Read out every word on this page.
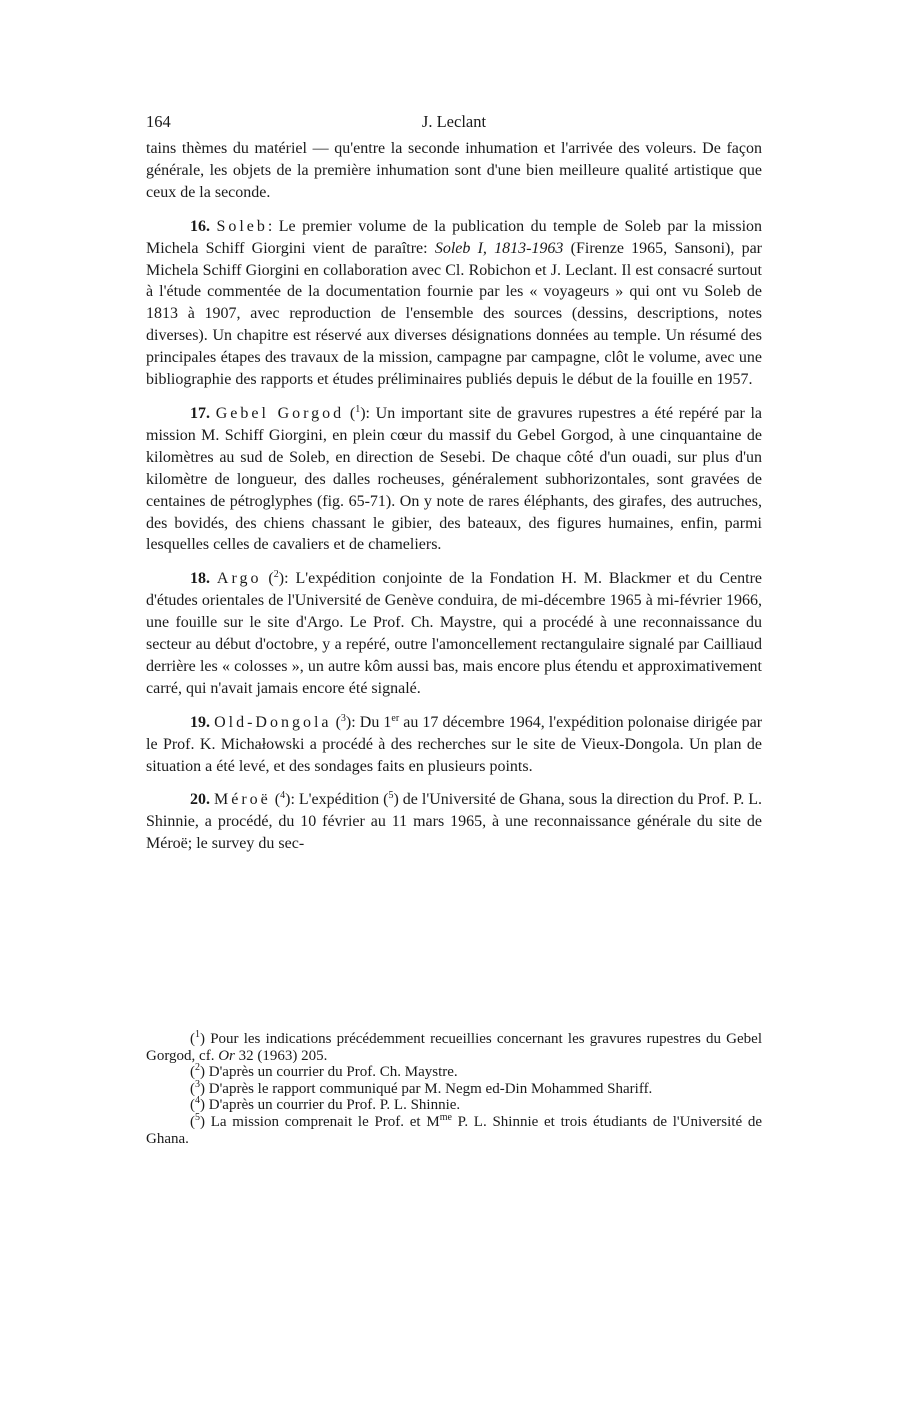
164	J. Leclant

tains thèmes du matériel — qu'entre la seconde inhumation et l'arrivée des voleurs. De façon générale, les objets de la première inhumation sont d'une bien meilleure qualité artistique que ceux de la seconde.

16. Soleb: Le premier volume de la publication du temple de Soleb par la mission Michela Schiff Giorgini vient de paraître: Soleb I, 1813-1963 (Firenze 1965, Sansoni), par Michela Schiff Giorgini en collaboration avec Cl. Robichon et J. Leclant. Il est consacré surtout à l'étude commentée de la documentation fournie par les « voyageurs » qui ont vu Soleb de 1813 à 1907, avec reproduction de l'ensemble des sources (dessins, descriptions, notes diverses). Un chapitre est réservé aux diverses désignations données au temple. Un résumé des principales étapes des travaux de la mission, campagne par campagne, clôt le volume, avec une bibliographie des rapports et études préliminaires publiés depuis le début de la fouille en 1957.

17. Gebel Gorgod ($^1$): Un important site de gravures rupestres a été repéré par la mission M. Schiff Giorgini, en plein cœur du massif du Gebel Gorgod, à une cinquantaine de kilomètres au sud de Soleb, en direction de Sesebi. De chaque côté d'un ouadi, sur plus d'un kilomètre de longueur, des dalles rocheuses, généralement subhorizontales, sont gravées de centaines de pétroglyphes (fig. 65-71). On y note de rares éléphants, des girafes, des autruches, des bovidés, des chiens chassant le gibier, des bateaux, des figures humaines, enfin, parmi lesquelles celles de cavaliers et de chameliers.

18. Argo ($^2$): L'expédition conjointe de la Fondation H. M. Blackmer et du Centre d'études orientales de l'Université de Genève conduira, de mi-décembre 1965 à mi-février 1966, une fouille sur le site d'Argo. Le Prof. Ch. Maystre, qui a procédé à une reconnaissance du secteur au début d'octobre, y a repéré, outre l'amoncellement rectangulaire signalé par Cailliaud derrière les « colosses », un autre kôm aussi bas, mais encore plus étendu et approximativement carré, qui n'avait jamais encore été signalé.

19. Old-Dongola ($^3$): Du 1er au 17 décembre 1964, l'expédition polonaise dirigée par le Prof. K. Michałowski a procédé à des recherches sur le site de Vieux-Dongola. Un plan de situation a été levé, et des sondages faits en plusieurs points.

20. Méroë ($^4$): L'expédition ($^5$) de l'Université de Ghana, sous la direction du Prof. P. L. Shinnie, a procédé, du 10 février au 11 mars 1965, à une reconnaissance générale du site de Méroë; le survey du sec-

($^1$) Pour les indications précédemment recueillies concernant les gravures rupestres du Gebel Gorgod, cf. Or 32 (1963) 205.

($^2$) D'après un courrier du Prof. Ch. Maystre.

($^3$) D'après le rapport communiqué par M. Negm ed-Din Mohammed Shariff.

($^4$) D'après un courrier du Prof. P. L. Shinnie.

($^5$) La mission comprenait le Prof. et $M^{me}$ P. L. Shinnie et trois étudiants de l'Université de Ghana.
